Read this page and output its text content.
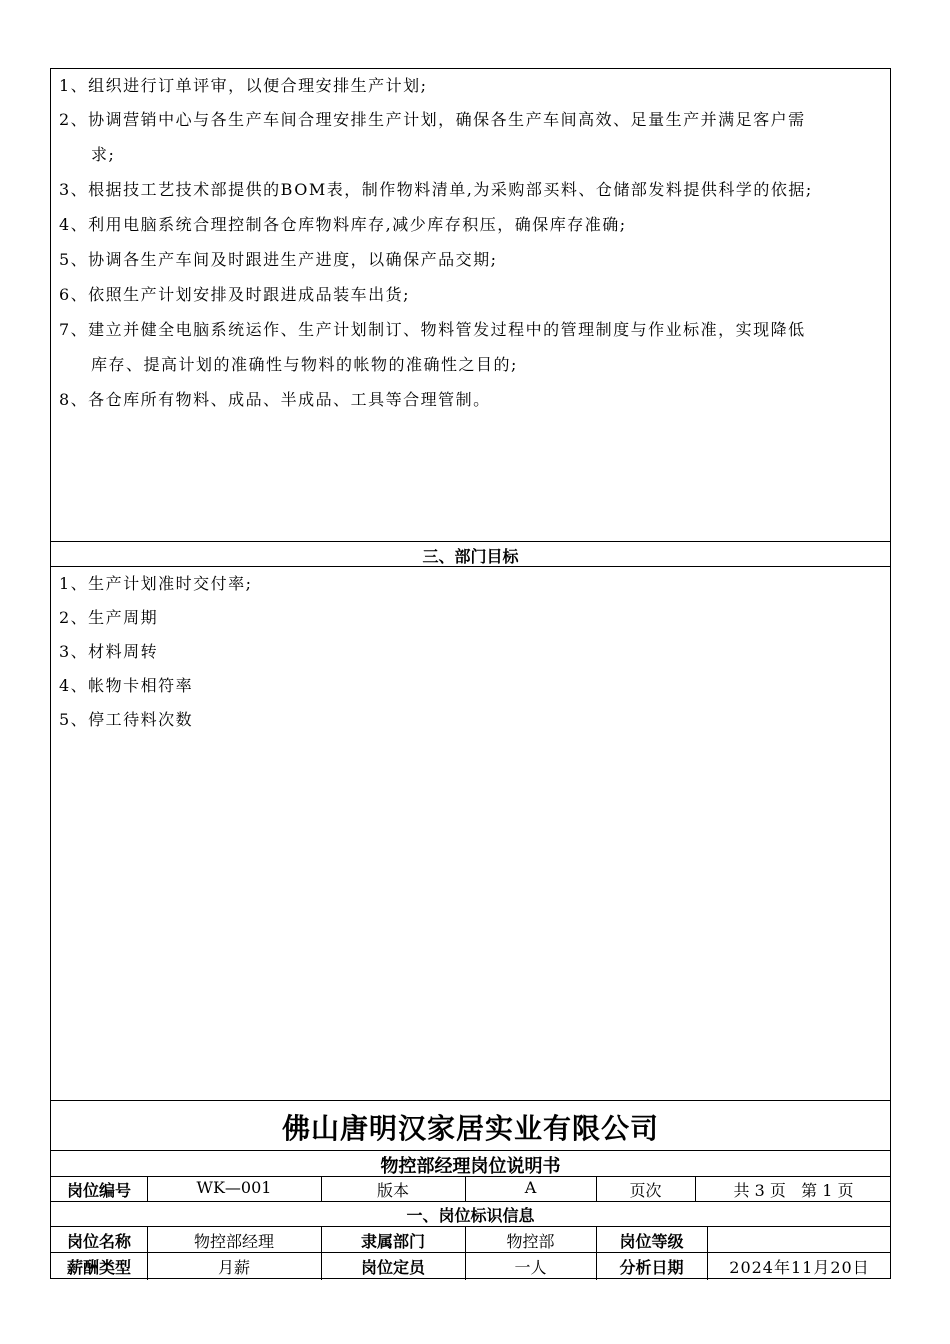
1、组织进行订单评审，以便合理安排生产计划;
2、协调营销中心与各生产车间合理安排生产计划，确保各生产车间高效、足量生产并满足客户需
求;
3、根据技工艺技术部提供的BOM表，制作物料清单,为采购部买料、仓储部发料提供科学的依据;
4、利用电脑系统合理控制各仓库物料库存,减少库存积压，确保库存准确;
5、协调各生产车间及时跟进生产进度，以确保产品交期;
6、依照生产计划安排及时跟进成品装车出货;
7、建立并健全电脑系统运作、生产计划制订、物料管发过程中的管理制度与作业标准，实现降低
库存、提高计划的准确性与物料的帐物的准确性之目的;
8、各仓库所有物料、成品、半成品、工具等合理管制。
三、部门目标
1、生产计划准时交付率;
2、生产周期
3、材料周转
4、帐物卡相符率
5、停工待料次数
佛山唐明汉家居实业有限公司
物控部经理岗位说明书
岗位编号	WK—001	版本	A	页次	共 3 页   第 1 页
一、岗位标识信息
岗位名称	物控部经理	隶属部门	物控部	岗位等级
薪酬类型	月薪	岗位定员	一人	分析日期	2024年11月20日
